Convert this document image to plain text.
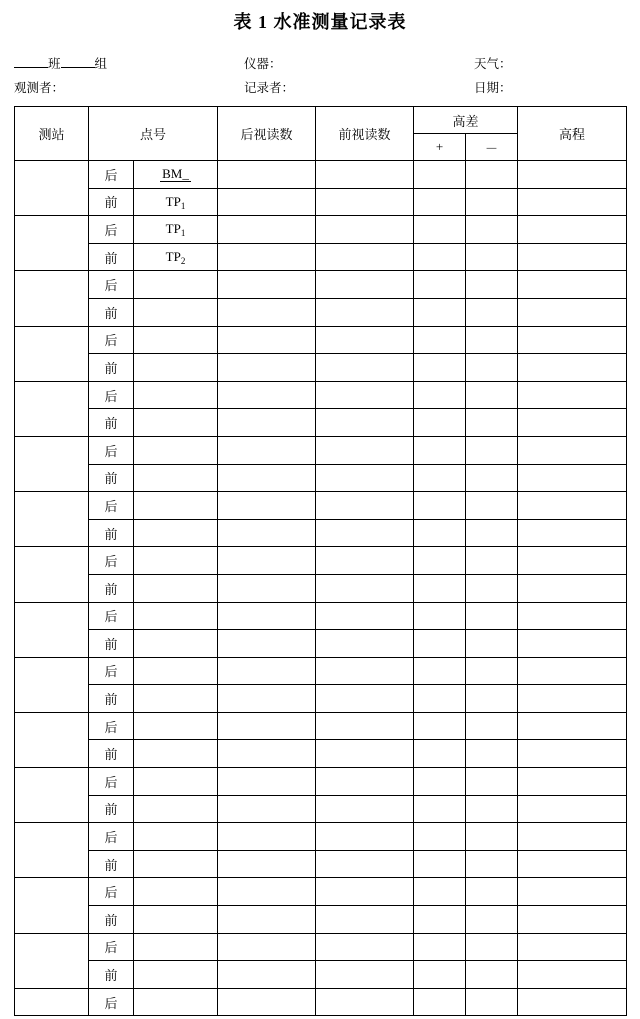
表 1 水准测量记录表
班	组	仪器：	天气：
观测者：	记录者：	日期：
测站	点号		后视读数	前视读数	高差		高程
					+	－	
	后	BM_					
	前	$TP_1$					
	后	$TP_1$					
	前	$TP_2$					
	后						
	前						
	后						
	前						
	后						
	前						
	后						
	前						
	后						
	前						
	后						
	前						
	后						
	前						
	后						
	前						
	后						
	前						
	后						
	前						
	后						
	前						
	后						
	前						
	后						
	前						
	后						
